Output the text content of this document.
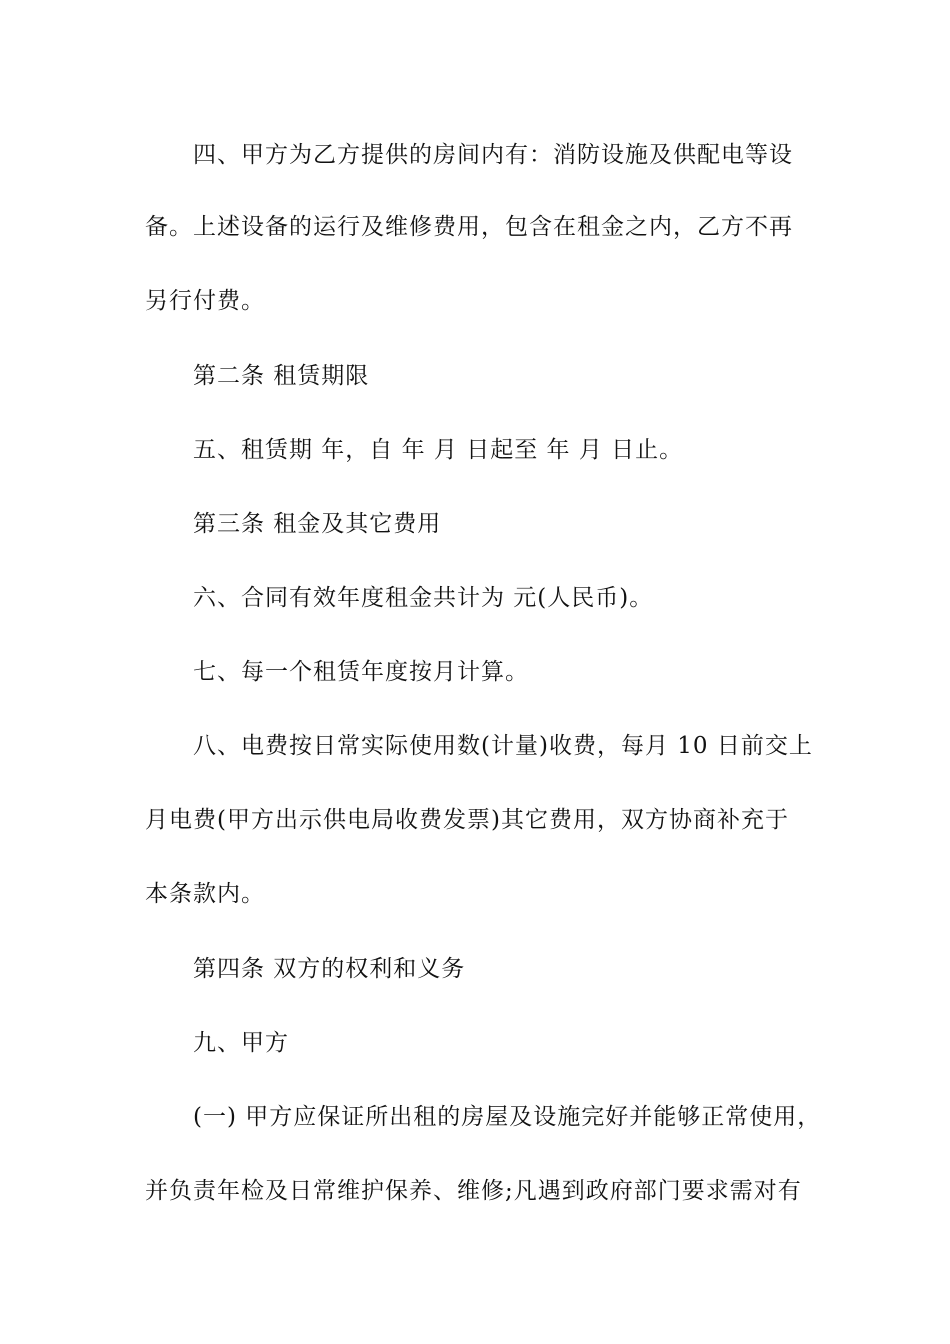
四、甲方为乙方提供的房间内有：消防设施及供配电等设
备。上述设备的运行及维修费用，包含在租金之内，乙方不再
另行付费。
第二条 租赁期限
五、租赁期 年，自 年 月 日起至 年 月 日止。
第三条 租金及其它费用
六、合同有效年度租金共计为 元(人民币)。
七、每一个租赁年度按月计算。
八、电费按日常实际使用数(计量)收费，每月 10 日前交上
月电费(甲方出示供电局收费发票)其它费用，双方协商补充于
本条款内。
第四条 双方的权利和义务
九、甲方
(一) 甲方应保证所出租的房屋及设施完好并能够正常使用，
并负责年检及日常维护保养、维修;凡遇到政府部门要求需对有
